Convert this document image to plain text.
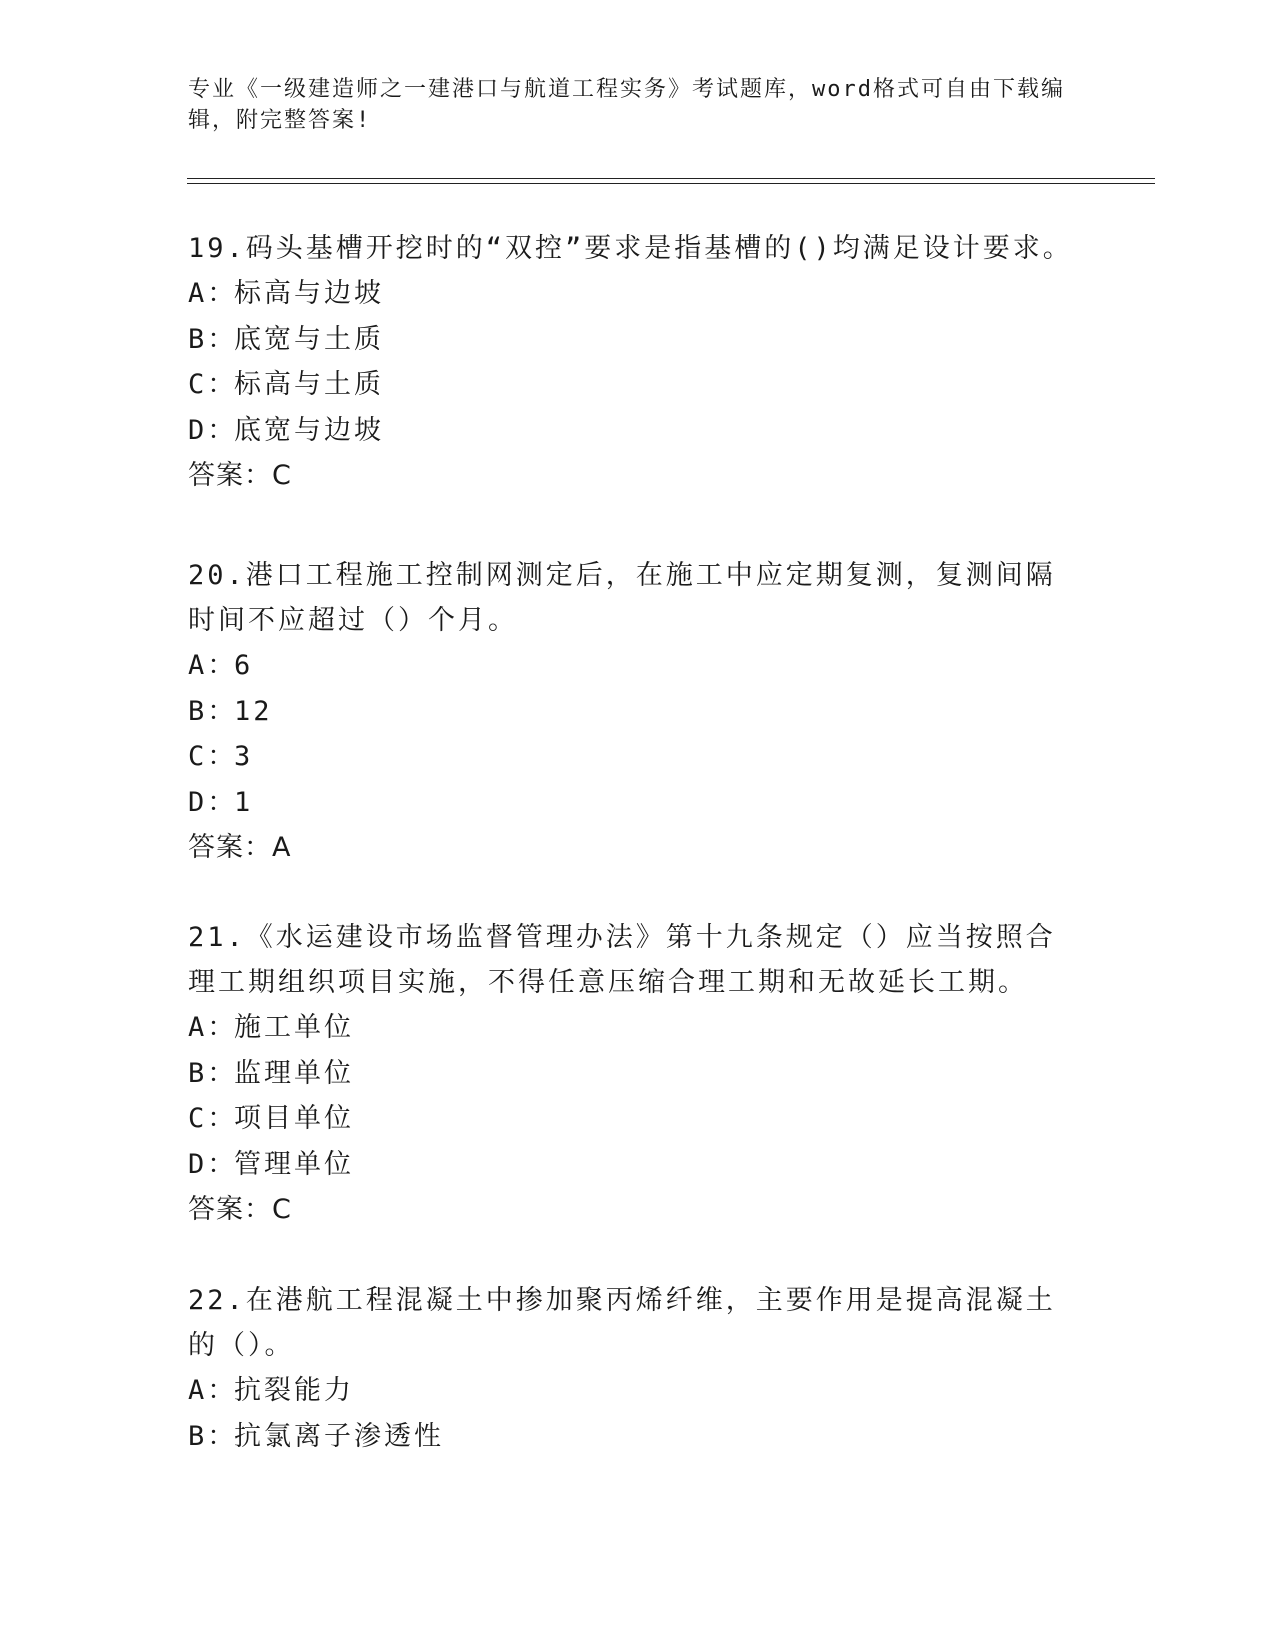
专业《一级建造师之一建港口与航道工程实务》考试题库，word格式可自由下载编辑，附完整答案!
19.码头基槽开挖时的“双控”要求是指基槽的()均满足设计要求。
A：标高与边坡
B：底宽与土质
C：标高与土质
D：底宽与边坡
答案：C
20.港口工程施工控制网测定后，在施工中应定期复测，复测间隔时间不应超过（）个月。
A：6
B：12
C：3
D：1
答案：A
21.《水运建设市场监督管理办法》第十九条规定（）应当按照合理工期组织项目实施，不得任意压缩合理工期和无故延长工期。
A：施工单位
B：监理单位
C：项目单位
D：管理单位
答案：C
22.在港航工程混凝土中掺加聚丙烯纤维，主要作用是提高混凝土的（）。
A：抗裂能力
B：抗氯离子渗透性
